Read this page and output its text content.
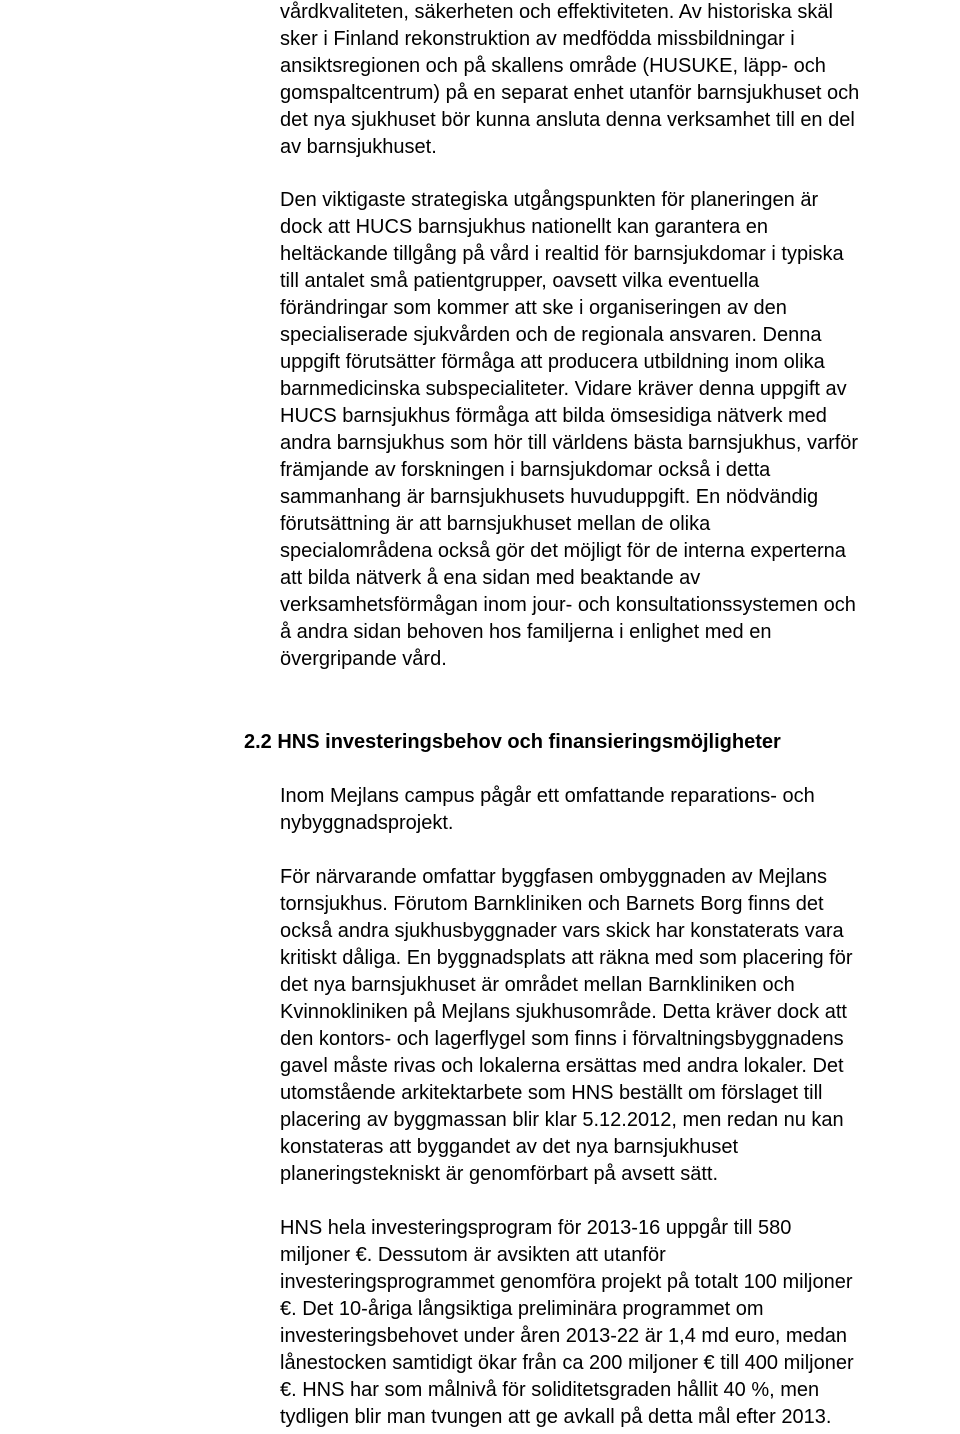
vårdkvaliteten, säkerheten och effektiviteten. Av historiska skäl
sker i Finland rekonstruktion av medfödda missbildningar i
ansiktsregionen och på skallens område (HUSUKE, läpp- och
gomspaltcentrum) på en separat enhet utanför barnsjukhuset och
det nya sjukhuset bör kunna ansluta denna verksamhet till en del
av barnsjukhuset.

Den viktigaste strategiska utgångspunkten för planeringen är
dock att HUCS barnsjukhus nationellt kan garantera en
heltäckande tillgång på vård i realtid för barnsjukdomar i typiska
till antalet små patientgrupper, oavsett vilka eventuella
förändringar som kommer att ske i organiseringen av den
specialiserade sjukvården och de regionala ansvaren. Denna
uppgift förutsätter förmåga att producera utbildning inom olika
barnmedicinska subspecialiteter. Vidare kräver denna uppgift av
HUCS barnsjukhus förmåga att bilda ömsesidiga nätverk med
andra barnsjukhus som hör till världens bästa barnsjukhus, varför
främjande av forskningen i barnsjukdomar också i detta
sammanhang är barnsjukhusets huvuduppgift. En nödvändig
förutsättning är att barnsjukhuset mellan de olika
specialområdena också gör det möjligt för de interna experterna
att bilda nätverk å ena sidan med beaktande av
verksamhetsförmågan inom jour- och konsultationssystemen och
å andra sidan behoven hos familjerna i enlighet med en
övergripande vård.

2.2 HNS investeringsbehov och finansieringsmöjligheter

Inom Mejlans campus pågår ett omfattande reparations- och
nybyggnadsprojekt.

För närvarande omfattar byggfasen ombyggnaden av Mejlans
tornsjukhus. Förutom Barnkliniken och Barnets Borg finns det
också andra sjukhusbyggnader vars skick har konstaterats vara
kritiskt dåliga. En byggnadsplats att räkna med som placering för
det nya barnsjukhuset är området mellan Barnkliniken och
Kvinnokliniken på Mejlans sjukhusområde. Detta kräver dock att
den kontors- och lagerflygel som finns i förvaltningsbyggnadens
gavel måste rivas och lokalerna ersättas med andra lokaler. Det
utomstående arkitektarbete som HNS beställt om förslaget till
placering av byggmassan blir klar 5.12.2012, men redan nu kan
konstateras att byggandet av det nya barnsjukhuset
planeringstekniskt är genomförbart på avsett sätt.

HNS hela investeringsprogram för 2013-16 uppgår till 580
miljoner €. Dessutom är avsikten att utanför
investeringsprogrammet genomföra projekt på totalt 100 miljoner
€. Det 10-åriga långsiktiga preliminära programmet om
investeringsbehovet under åren 2013-22 är 1,4 md euro, medan
lånestocken samtidigt ökar från ca 200 miljoner € till 400 miljoner
€. HNS har som målnivå för soliditetsgraden hållit 40 %, men
tydligen blir man tvungen att ge avkall på detta mål efter 2013.
